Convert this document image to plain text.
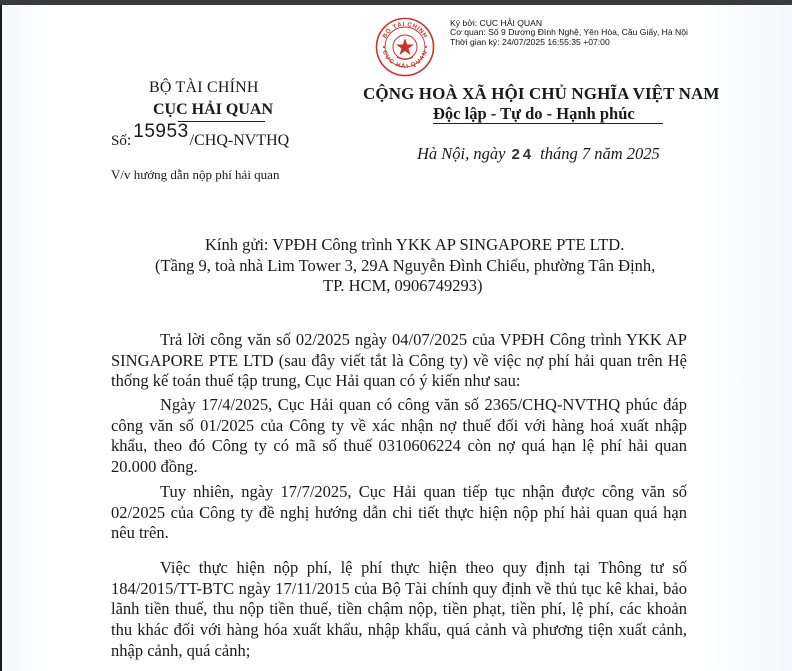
BỘ TÀI CHÍNH
CỤC HẢI QUAN
Ký bởi: CỤC HẢI QUAN
Cơ quan: Số 9 Dương Đình Nghệ, Yên Hòa, Cầu Giấy, Hà Nội
Thời gian ký: 24/07/2025 16:55:35 +07:00
BỘ TÀI CHÍNH
CỤC HẢI QUAN
Số: 15953/CHQ-NVTHQ
V/v hướng dẫn nộp phí hải quan
CỘNG HOÀ XÃ HỘI CHỦ NGHĨA VIỆT NAM
Độc lập - Tự do - Hạnh phúc
Hà Nội, ngày 24 tháng 7 năm 2025
Kính gửi: VPĐH Công trình YKK AP SINGAPORE PTE LTD.
(Tầng 9, toà nhà Lim Tower 3, 29A Nguyễn Đình Chiểu, phường Tân Định,
TP. HCM, 0906749293)
Trả lời công văn số 02/2025 ngày 04/07/2025 của VPĐH Công trình YKK AP SINGAPORE PTE LTD (sau đây viết tắt là Công ty) về việc nợ phí hải quan trên Hệ thống kế toán thuế tập trung, Cục Hải quan có ý kiến như sau:
Ngày 17/4/2025, Cục Hải quan có công văn số 2365/CHQ-NVTHQ phúc đáp công văn số 01/2025 của Công ty về xác nhận nợ thuế đối với hàng hoá xuất nhập khẩu, theo đó Công ty có mã số thuế 0310606224 còn nợ quá hạn lệ phí hải quan 20.000 đồng.
Tuy nhiên, ngày 17/7/2025, Cục Hải quan tiếp tục nhận được công văn số 02/2025 của Công ty đề nghị hướng dẫn chi tiết thực hiện nộp phí hải quan quá hạn nêu trên.
Việc thực hiện nộp phí, lệ phí thực hiện theo quy định tại Thông tư số 184/2015/TT-BTC ngày 17/11/2015 của Bộ Tài chính quy định về thủ tục kê khai, bảo lãnh tiền thuế, thu nộp tiền thuế, tiền chậm nộp, tiền phạt, tiền phí, lệ phí, các khoản thu khác đối với hàng hóa xuất khẩu, nhập khẩu, quá cảnh và phương tiện xuất cảnh, nhập cảnh, quá cảnh;
